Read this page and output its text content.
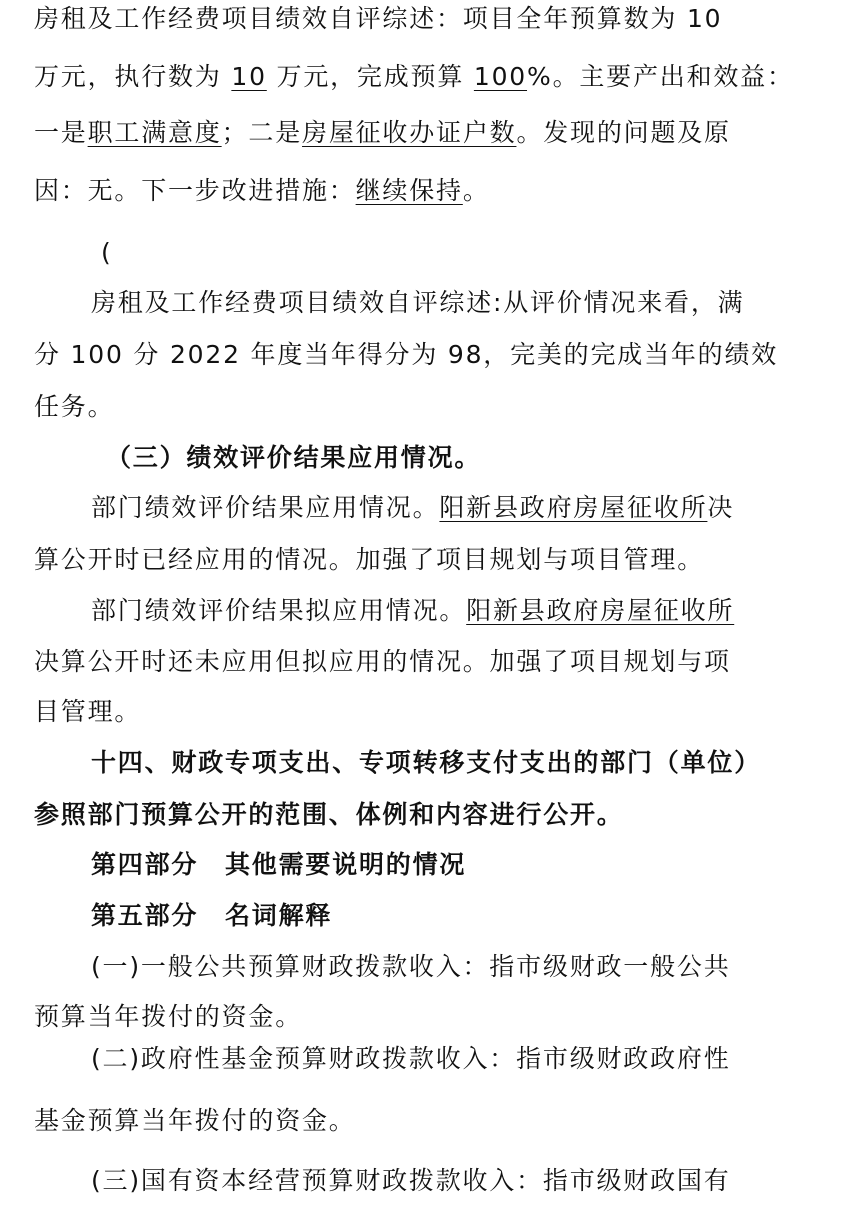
房租及工作经费项目绩效自评综述：项目全年预算数为 10
万元，执行数为 10 万元，完成预算 100%。主要产出和效益：
一是职工满意度；二是房屋征收办证户数。发现的问题及原
因：无。下一步改进措施：继续保持。
(
房租及工作经费项目绩效自评综述:从评价情况来看，满
分 100 分 2022 年度当年得分为 98，完美的完成当年的绩效
任务。
（三）绩效评价结果应用情况。
部门绩效评价结果应用情况。阳新县政府房屋征收所决
算公开时已经应用的情况。加强了项目规划与项目管理。
部门绩效评价结果拟应用情况。阳新县政府房屋征收所
决算公开时还未应用但拟应用的情况。加强了项目规划与项
目管理。
十四、财政专项支出、专项转移支付支出的部门（单位）
参照部门预算公开的范围、体例和内容进行公开。
第四部分　其他需要说明的情况
第五部分　名词解释
(一)一般公共预算财政拨款收入：指市级财政一般公共
预算当年拨付的资金。
(二)政府性基金预算财政拨款收入：指市级财政政府性
基金预算当年拨付的资金。
(三)国有资本经营预算财政拨款收入：指市级财政国有
